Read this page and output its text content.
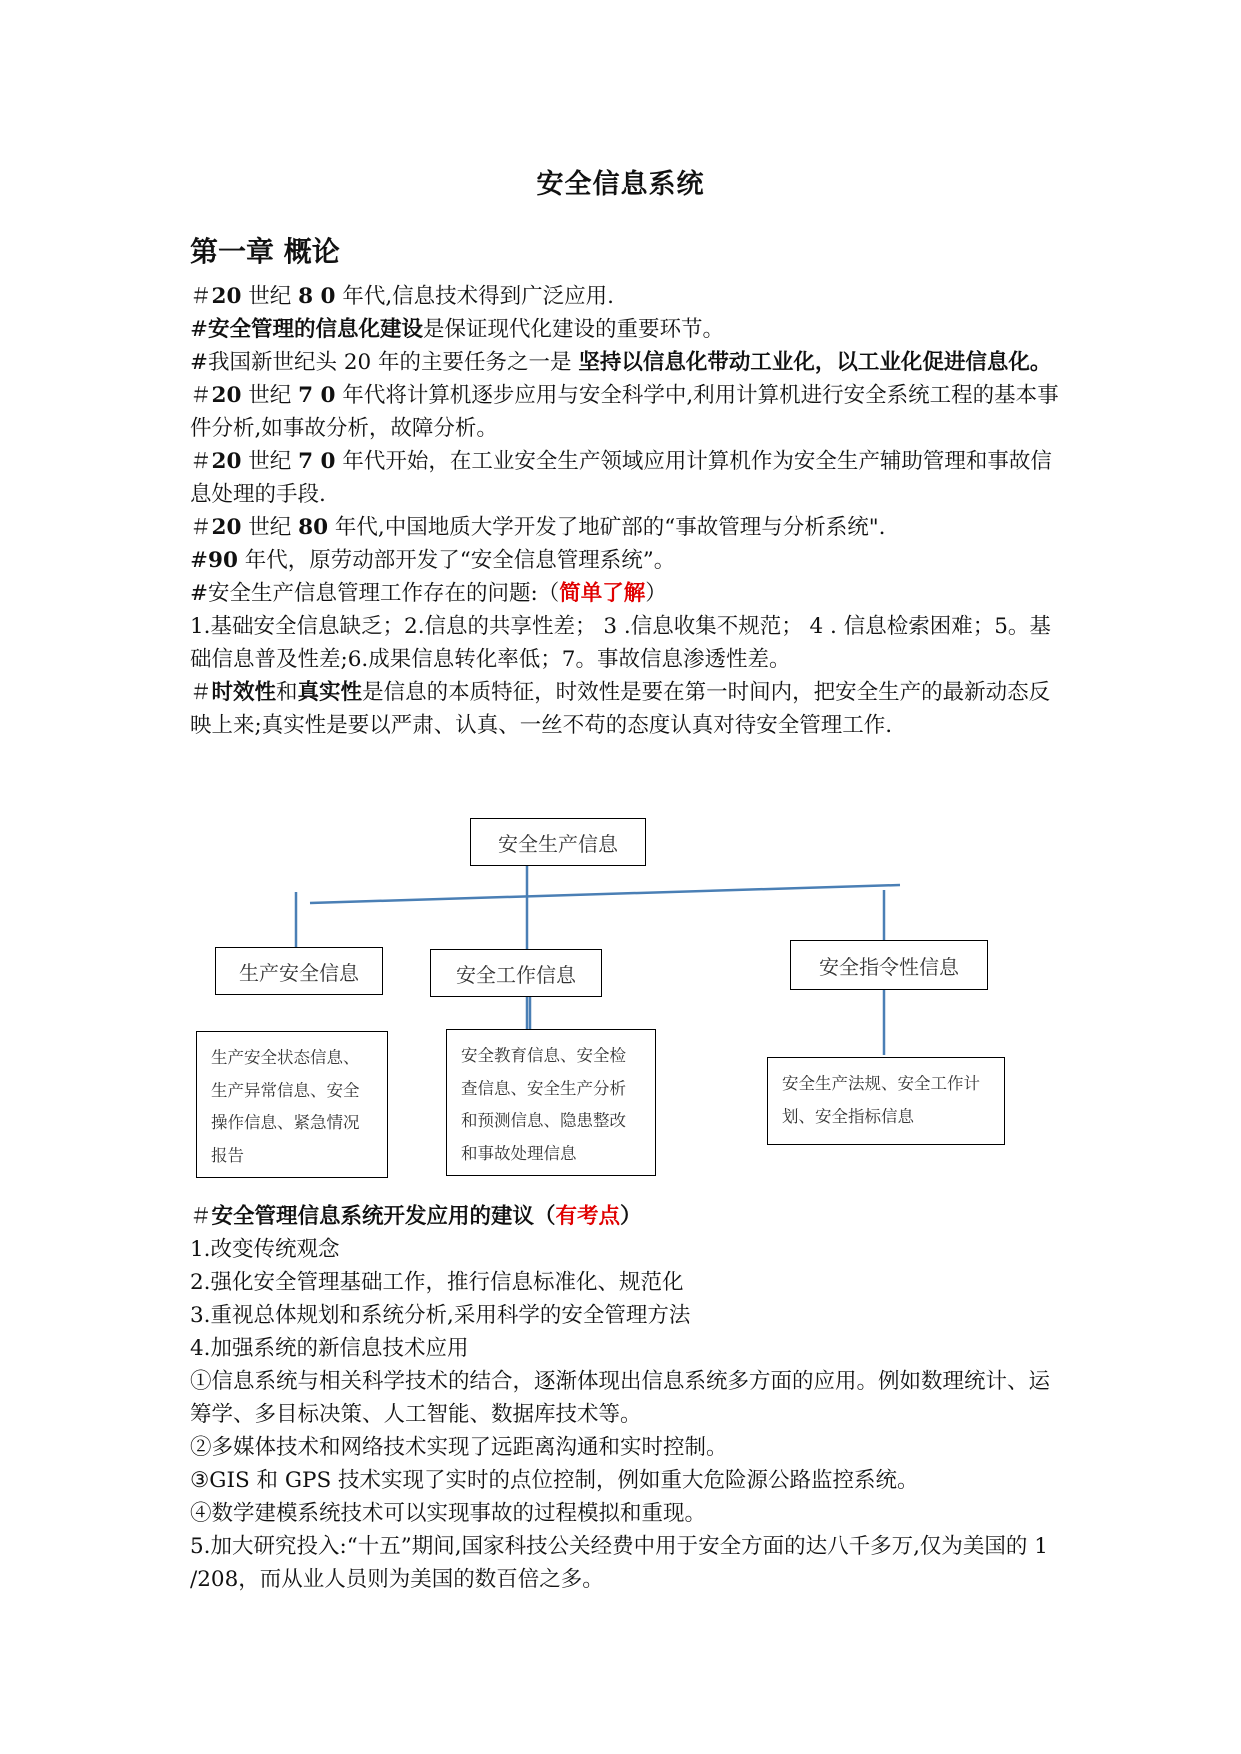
安全信息系统
第一章 概论

＃20 世纪 8 0 年代,信息技术得到广泛应用.

#安全管理的信息化建设是保证现代化建设的重要环节。

#我国新世纪头 20 年的主要任务之一是 坚持以信息化带动工业化，以工业化促进信息化。

＃20 世纪 7 0 年代将计算机逐步应用与安全科学中,利用计算机进行安全系统工程的基本事件分析,如事故分析，故障分析。

＃20 世纪 7 0 年代开始，在工业安全生产领域应用计算机作为安全生产辅助管理和事故信息处理的手段.

＃20 世纪 80 年代,中国地质大学开发了地矿部的“事故管理与分析系统".

#90 年代，原劳动部开发了“安全信息管理系统”。

#安全生产信息管理工作存在的问题:（简单了解）

1.基础安全信息缺乏；2.信息的共享性差； 3 .信息收集不规范； 4 . 信息检索困难；5。基础信息普及性差;6.成果信息转化率低；7。事故信息渗透性差。

＃时效性和真实性是信息的本质特征，时效性是要在第一时间内，把安全生产的最新动态反映上来;真实性是要以严肃、认真、一丝不苟的态度认真对待安全管理工作.

安全生产信息
生产安全信息	安全工作信息	安全指令性信息
生产安全状态信息、生产异常信息、安全操作信息、紧急情况报告
安全教育信息、安全检查信息、安全生产分析和预测信息、隐患整改和事故处理信息
安全生产法规、安全工作计划、安全指标信息

＃安全管理信息系统开发应用的建议（有考点）

1.改变传统观念

2.强化安全管理基础工作，推行信息标准化、规范化

3.重视总体规划和系统分析,采用科学的安全管理方法

4.加强系统的新信息技术应用

①信息系统与相关科学技术的结合，逐渐体现出信息系统多方面的应用。例如数理统计、运筹学、多目标决策、人工智能、数据库技术等。

②多媒体技术和网络技术实现了远距离沟通和实时控制。

③GIS 和 GPS 技术实现了实时的点位控制，例如重大危险源公路监控系统。

④数学建模系统技术可以实现事故的过程模拟和重现。

5.加大研究投入:“十五”期间,国家科技公关经费中用于安全方面的达八千多万,仅为美国的 1 /208，而从业人员则为美国的数百倍之多。
